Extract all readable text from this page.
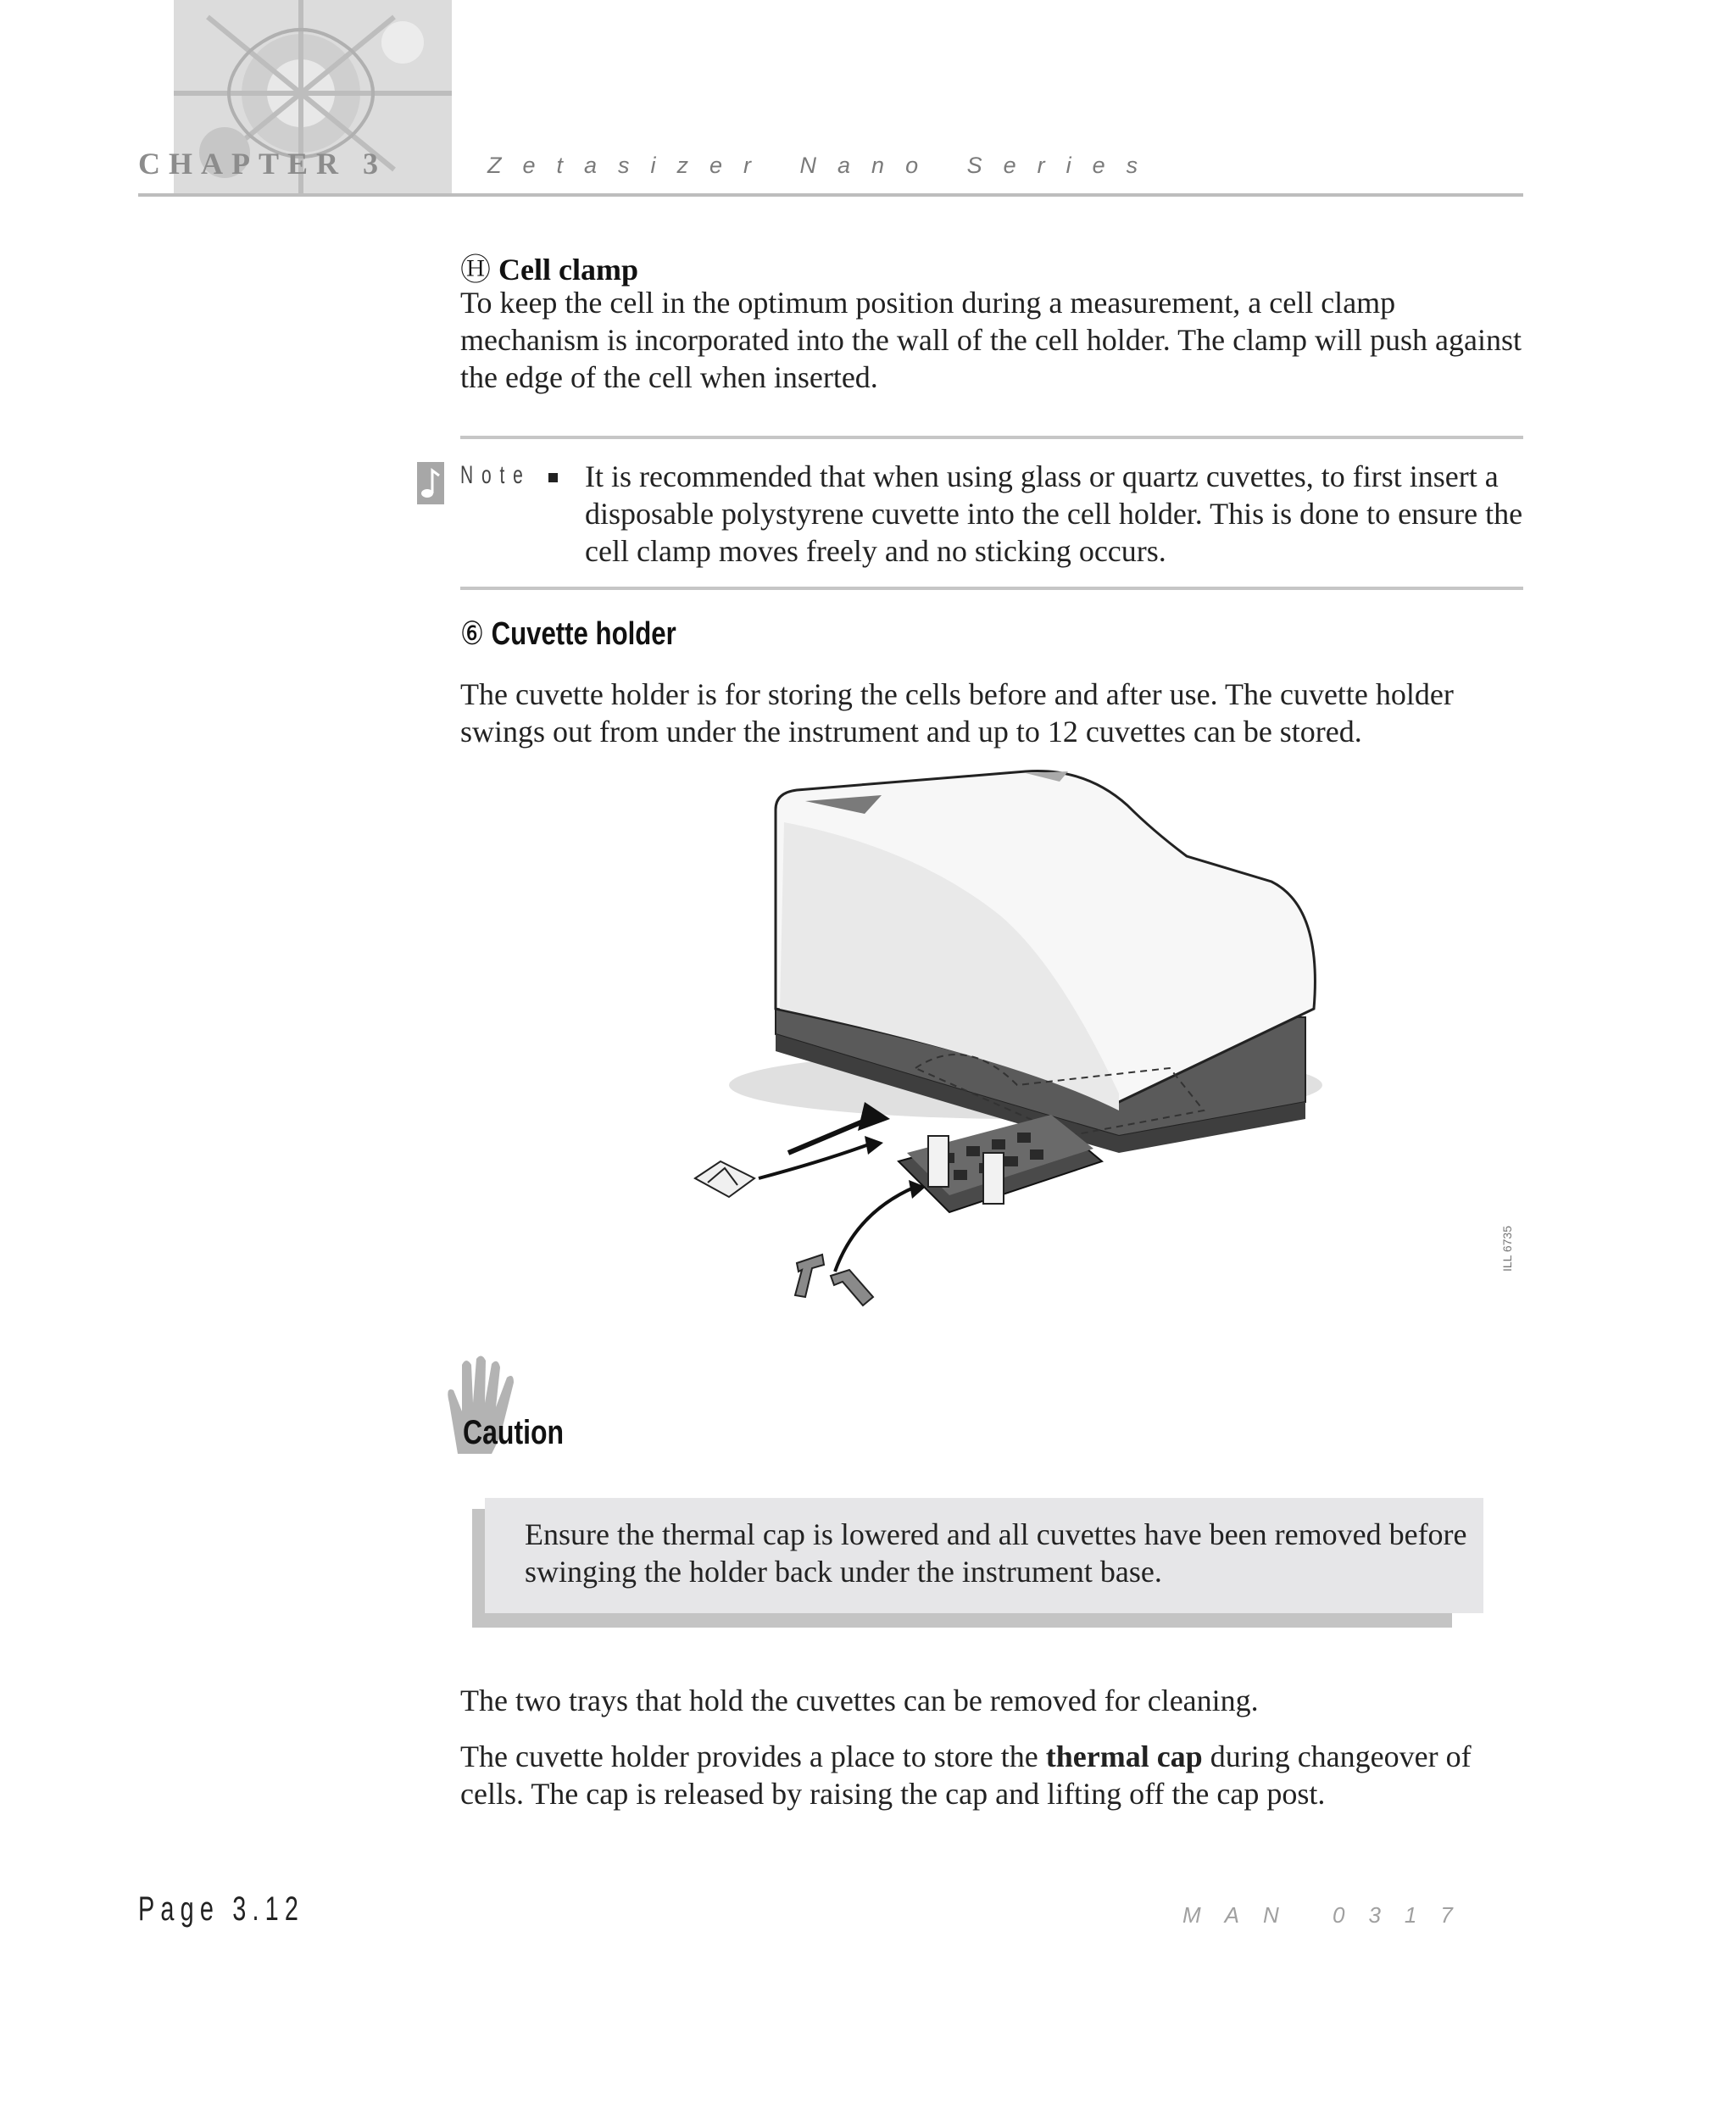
CHAPTER 3	Zetasizer Nano Series
Ⓗ Cell clamp
To keep the cell in the optimum position during a measurement, a cell clamp mechanism is incorporated into the wall of the cell holder. The clamp will push against the edge of the cell when inserted.
Note It is recommended that when using glass or quartz cuvettes, to first insert a disposable polystyrene cuvette into the cell holder. This is done to ensure the cell clamp moves freely and no sticking occurs.
⑥ Cuvette holder
The cuvette holder is for storing the cells before and after use. The cuvette holder swings out from under the instrument and up to 12 cuvettes can be stored.
ILL 6735
Caution
Ensure the thermal cap is lowered and all cuvettes have been removed before swinging the holder back under the instrument base.
The two trays that hold the cuvettes can be removed for cleaning.
The cuvette holder provides a place to store the thermal cap during changeover of cells. The cap is released by raising the cap and lifting off the cap post.
Page 3.12	MAN 0317
